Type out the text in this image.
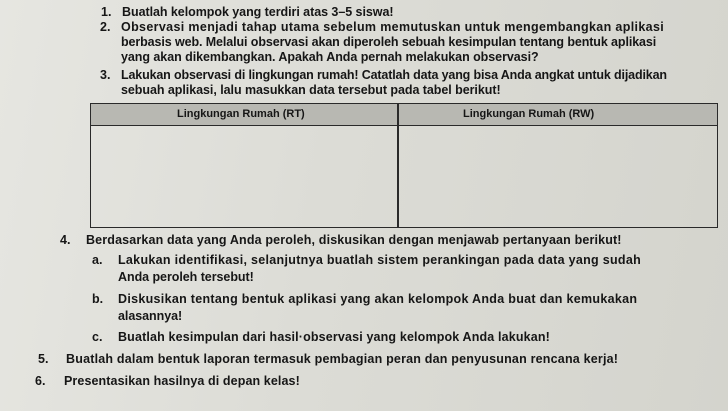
1. Buatlah kelompok yang terdiri atas 3–5 siswa!
2. Observasi menjadi tahap utama sebelum memutuskan untuk mengembangkan aplikasi
berbasis web. Melalui observasi akan diperoleh sebuah kesimpulan tentang bentuk aplikasi
yang akan dikembangkan. Apakah Anda pernah melakukan observasi?
3. Lakukan observasi di lingkungan rumah! Catatlah data yang bisa Anda angkat untuk dijadikan
sebuah aplikasi, lalu masukkan data tersebut pada tabel berikut!
Lingkungan Rumah (RT)	Lingkungan Rumah (RW)
4. Berdasarkan data yang Anda peroleh, diskusikan dengan menjawab pertanyaan berikut!
a. Lakukan identifikasi, selanjutnya buatlah sistem perankingan pada data yang sudah
Anda peroleh tersebut!
b. Diskusikan tentang bentuk aplikasi yang akan kelompok Anda buat dan kemukakan
alasannya!
c. Buatlah kesimpulan dari hasil·observasi yang kelompok Anda lakukan!
5. Buatlah dalam bentuk laporan termasuk pembagian peran dan penyusunan rencana kerja!
6. Presentasikan hasilnya di depan kelas!
